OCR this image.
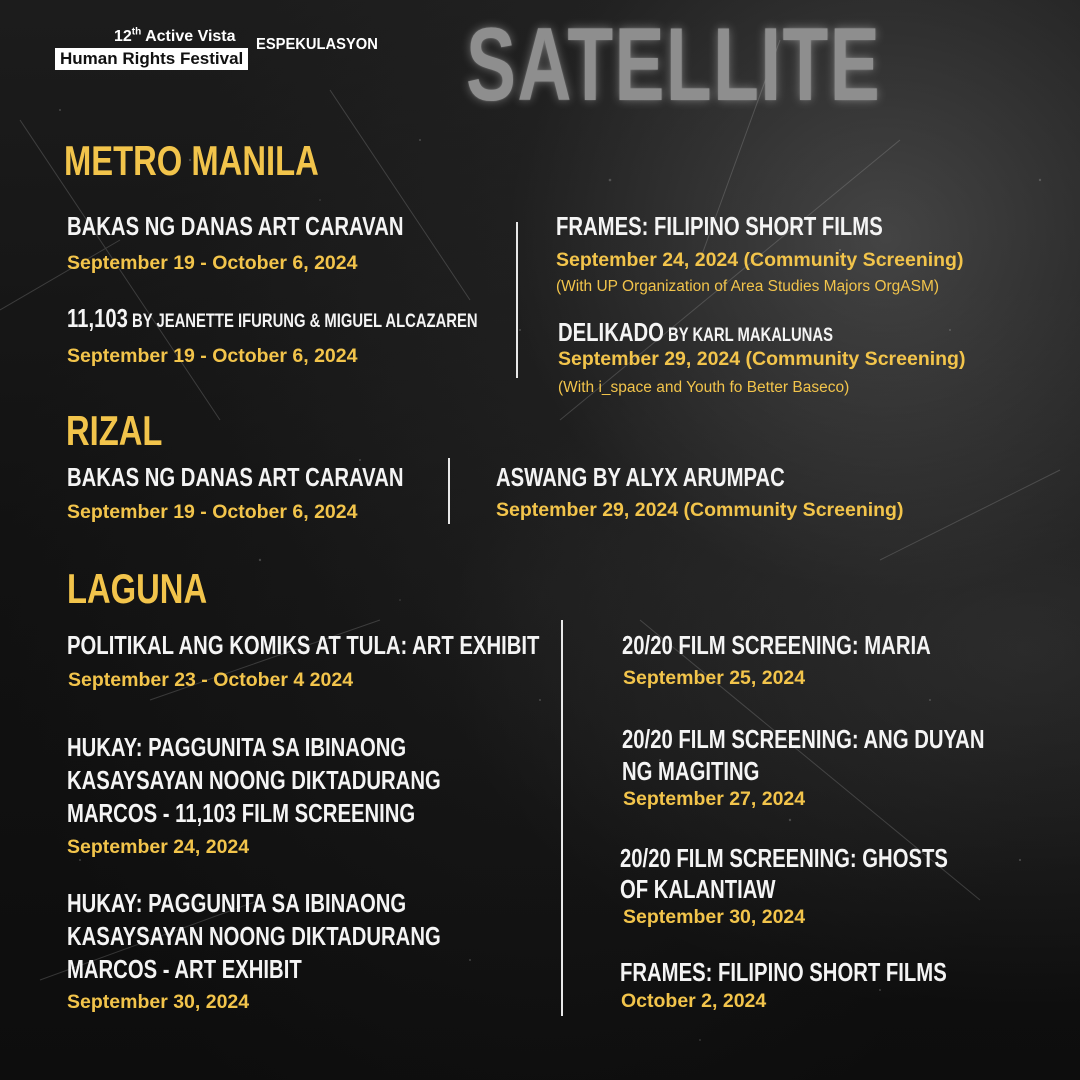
12th Active Vista
Human Rights Festival
ESPEKULASYON SATELLITE
METRO MANILA
BAKAS NG DANAS ART CARAVAN
September 19 - October 6, 2024
11,103 BY JEANETTE IFURUNG & MIGUEL ALCAZAREN
September 19 - October 6, 2024
FRAMES: FILIPINO SHORT FILMS
September 24, 2024 (Community Screening)
(With UP Organization of Area Studies Majors OrgASM)
DELIKADO BY KARL MAKALUNAS
September 29, 2024 (Community Screening)
(With i_space and Youth fo Better Baseco)
RIZAL
BAKAS NG DANAS ART CARAVAN
September 19 - October 6, 2024
ASWANG BY ALYX ARUMPAC
September 29, 2024 (Community Screening)
LAGUNA
POLITIKAL ANG KOMIKS AT TULA: ART EXHIBIT
September 23 - October 4 2024
HUKAY: PAGGUNITA SA IBINAONG
KASAYSAYAN NOONG DIKTADURANG
MARCOS - 11,103 FILM SCREENING
September 24, 2024
HUKAY: PAGGUNITA SA IBINAONG
KASAYSAYAN NOONG DIKTADURANG
MARCOS - ART EXHIBIT
September 30, 2024
20/20 FILM SCREENING: MARIA
September 25, 2024
20/20 FILM SCREENING: ANG DUYAN
NG MAGITING
September 27, 2024
20/20 FILM SCREENING: GHOSTS
OF KALANTIAW
September 30, 2024
FRAMES: FILIPINO SHORT FILMS
October 2, 2024
